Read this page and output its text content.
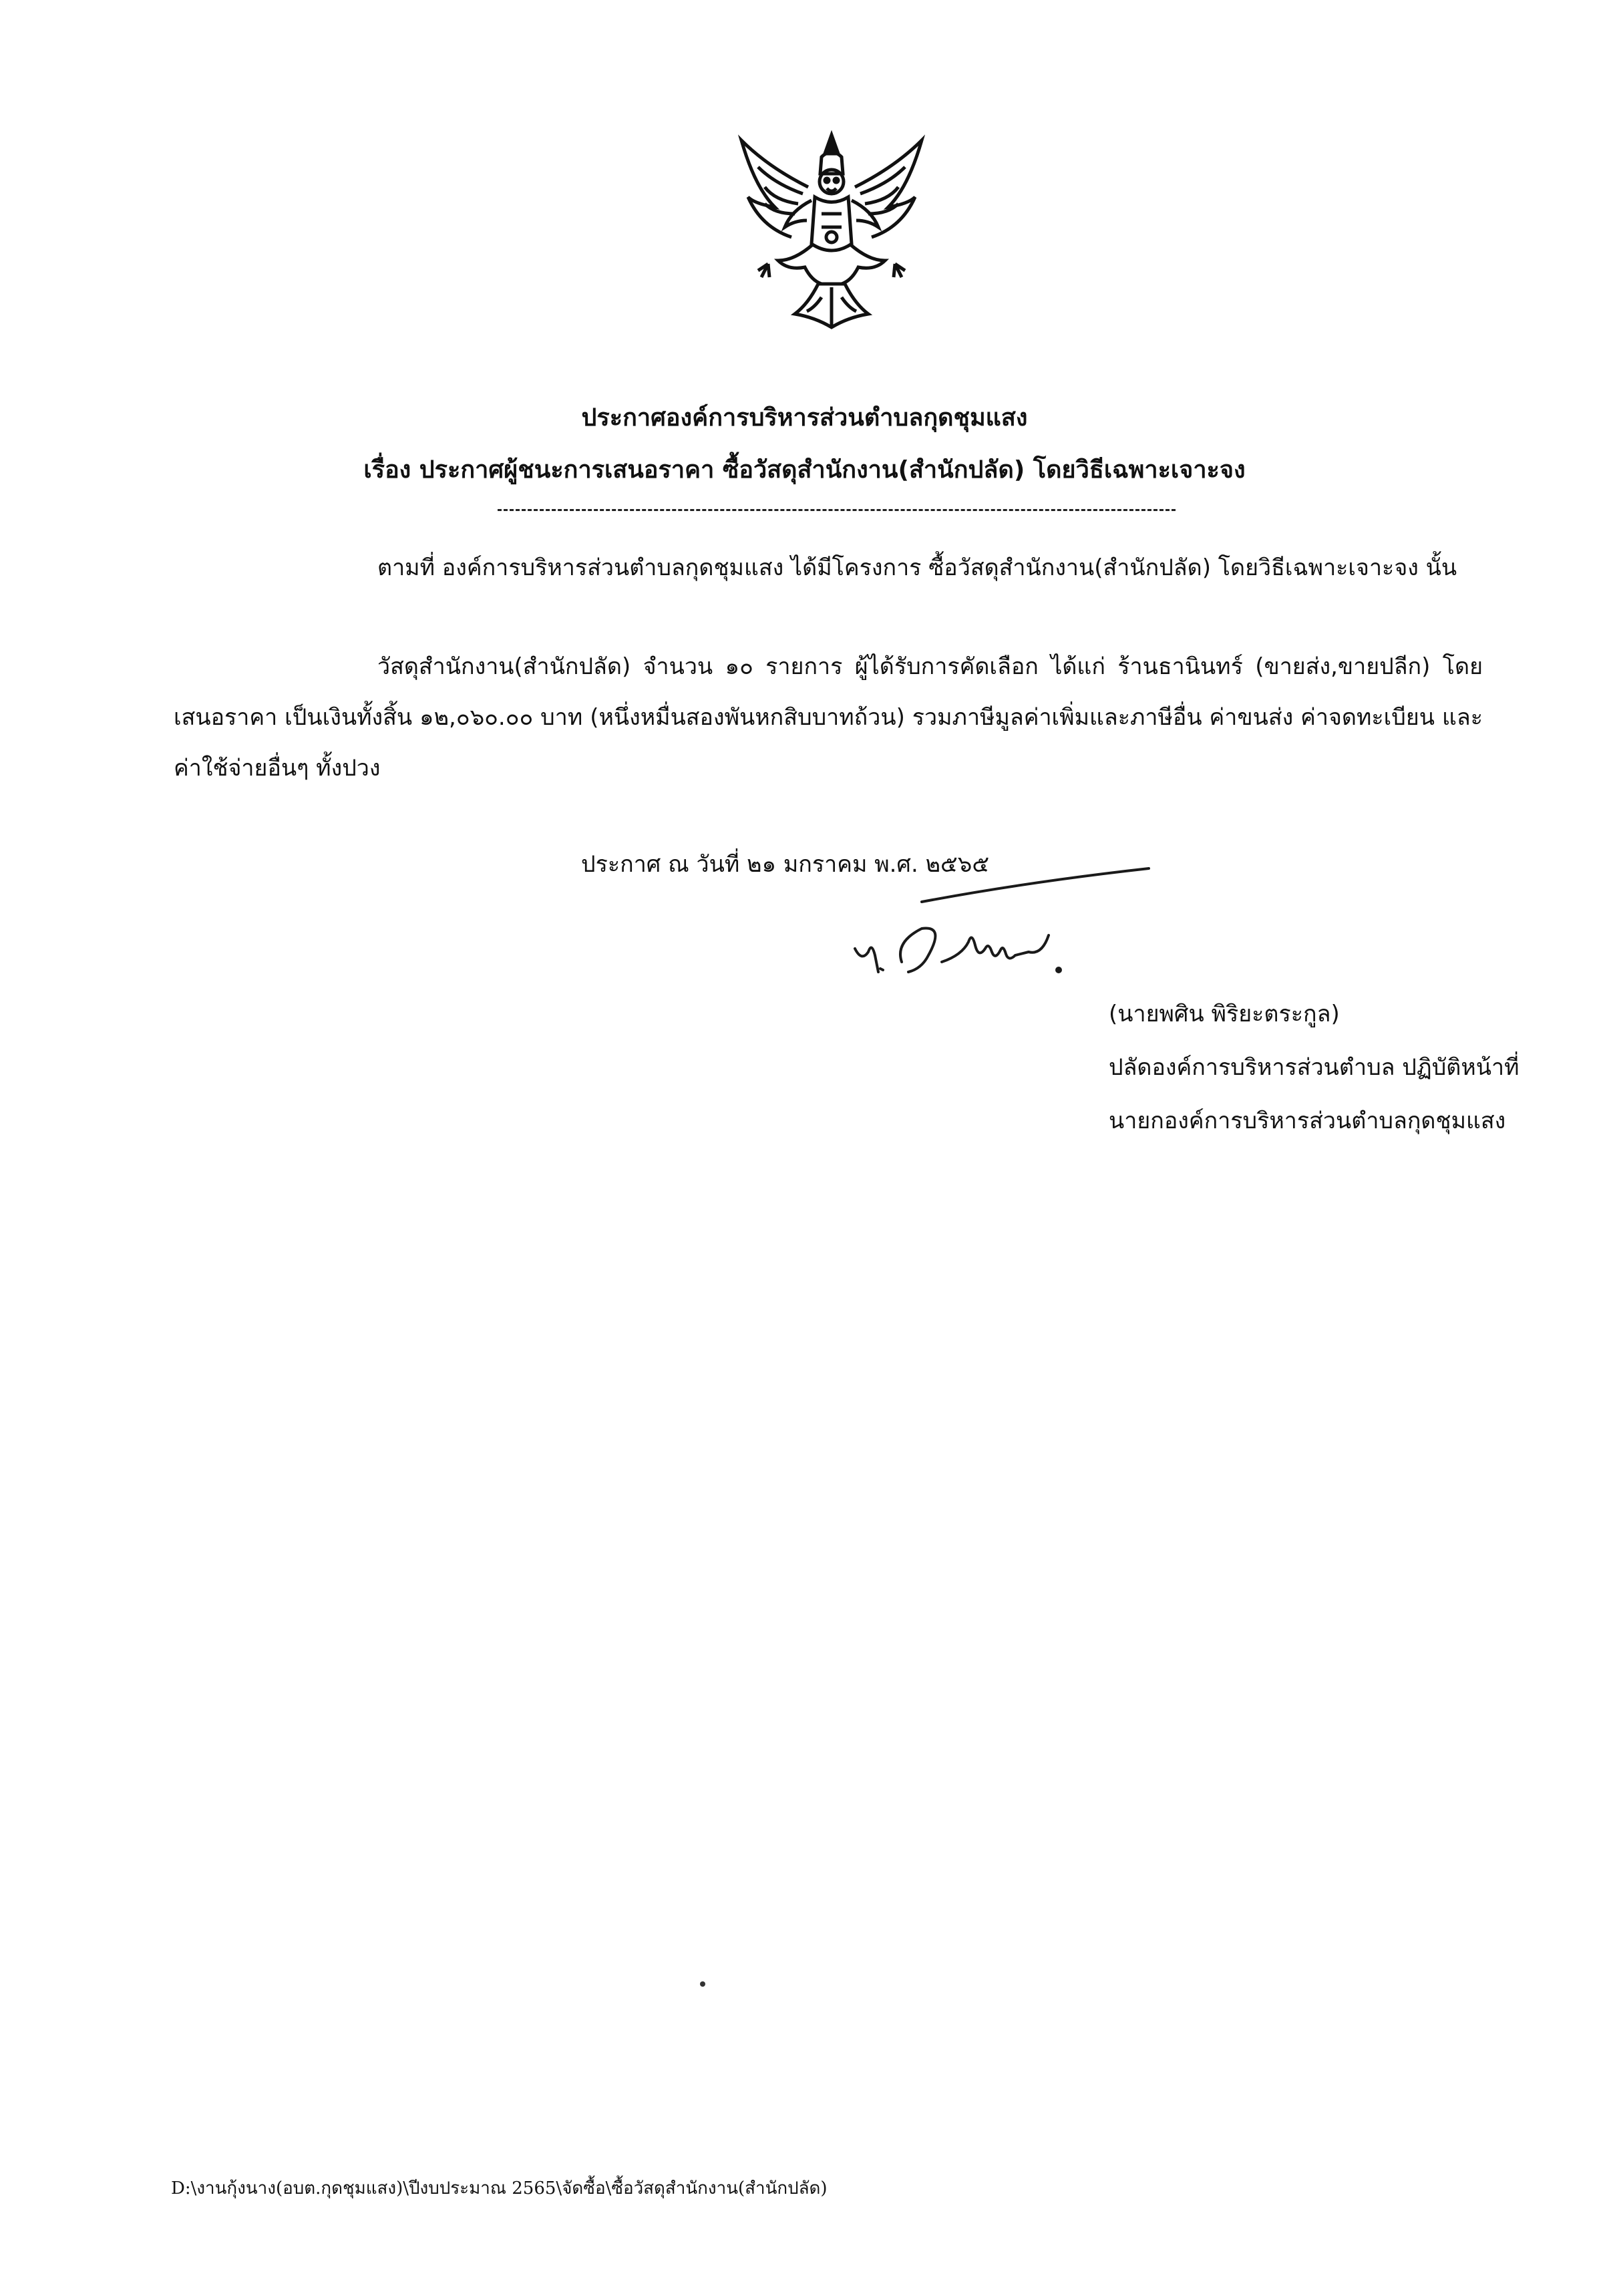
ประกาศองค์การบริหารส่วนตำบลกุดชุมแสง
เรื่อง ประกาศผู้ชนะการเสนอราคา ซื้อวัสดุสำนักงาน(สำนักปลัด) โดยวิธีเฉพาะเจาะจง
ตามที่ องค์การบริหารส่วนตำบลกุดชุมแสง ได้มีโครงการ ซื้อวัสดุสำนักงาน(สำนักปลัด) โดยวิธีเฉพาะเจาะจง นั้น
วัสดุสำนักงาน(สำนักปลัด) จำนวน ๑๐ รายการ ผู้ได้รับการคัดเลือก ได้แก่ ร้านธานินทร์ (ขายส่ง,ขายปลีก) โดยเสนอราคา เป็นเงินทั้งสิ้น ๑๒,๐๖๐.๐๐ บาท (หนึ่งหมื่นสองพันหกสิบบาทถ้วน) รวมภาษีมูลค่าเพิ่มและภาษีอื่น ค่าขนส่ง ค่าจดทะเบียน และค่าใช้จ่ายอื่นๆ ทั้งปวง
ประกาศ ณ วันที่ ๒๑ มกราคม พ.ศ. ๒๕๖๕
(นายพศิน พิริยะตระกูล)
ปลัดองค์การบริหารส่วนตำบล ปฏิบัติหน้าที่
นายกองค์การบริหารส่วนตำบลกุดชุมแสง
D:\งานกุ้งนาง(อบต.กุดชุมแสง)\ปีงบประมาณ 2565\จัดซื้อ\ซื้อวัสดุสำนักงาน(สำนักปลัด)
